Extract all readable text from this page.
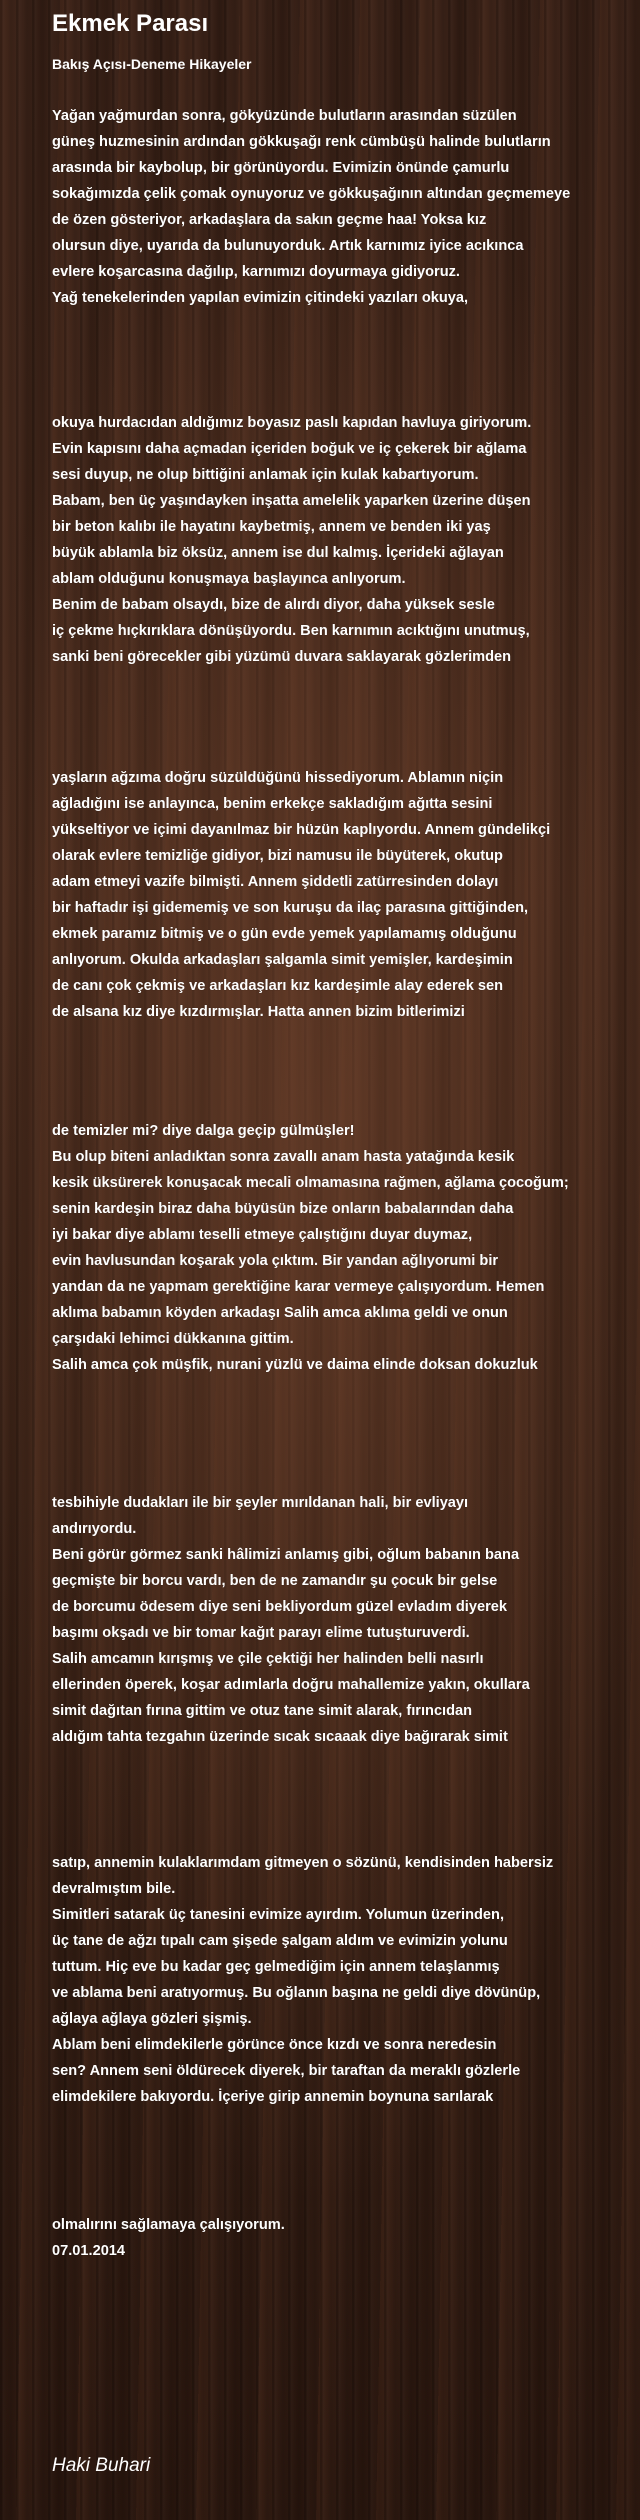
Ekmek Parası
Bakış Açısı-Deneme Hikayeler
Yağan yağmurdan sonra, gökyüzünde bulutların arasından süzülen
güneş huzmesinin ardından gökkuşağı renk cümbüşü halinde bulutların
arasında bir kaybolup, bir görünüyordu. Evimizin önünde çamurlu
sokağımızda çelik çomak oynuyoruz ve gökkuşağının altından geçmemeye
de özen gösteriyor, arkadaşlara da sakın geçme haa! Yoksa kız
olursun diye, uyarıda da bulunuyorduk. Artık karnımız iyice acıkınca
evlere koşarcasına dağılıp, karnımızı doyurmaya gidiyoruz.
Yağ tenekelerinden yapılan evimizin çitindeki yazıları okuya,
okuya hurdacıdan aldığımız boyasız paslı kapıdan havluya giriyorum.
Evin kapısını daha açmadan içeriden boğuk ve iç çekerek bir ağlama
sesi duyup, ne olup bittiğini anlamak için kulak kabartıyorum.
Babam, ben üç yaşındayken inşatta amelelik yaparken üzerine düşen
bir beton kalıbı ile hayatını kaybetmiş, annem ve benden iki yaş
büyük ablamla biz öksüz, annem ise dul kalmış. İçerideki ağlayan
ablam olduğunu konuşmaya başlayınca anlıyorum.
Benim de babam olsaydı, bize de alırdı diyor, daha yüksek sesle
iç çekme hıçkırıklara dönüşüyordu. Ben karnımın acıktığını unutmuş,
sanki beni görecekler gibi yüzümü duvara saklayarak gözlerimden
yaşların ağzıma doğru süzüldüğünü hissediyorum. Ablamın niçin
ağladığını ise anlayınca, benim erkekçe sakladığım ağıtta sesini
yükseltiyor ve içimi dayanılmaz bir hüzün kaplıyordu. Annem gündelikçi
olarak evlere temizliğe gidiyor, bizi namusu ile büyüterek, okutup
adam etmeyi vazife bilmişti. Annem şiddetli zatürresinden dolayı
bir haftadır işi gidememiş ve son kuruşu da ilaç parasına gittiğinden,
ekmek paramız bitmiş ve o gün evde yemek yapılamamış olduğunu
anlıyorum. Okulda arkadaşları şalgamla simit yemişler, kardeşimin
de canı çok çekmiş ve arkadaşları kız kardeşimle alay ederek sen
de alsana kız diye kızdırmışlar. Hatta annen bizim bitlerimizi
de temizler mi? diye dalga geçip gülmüşler!
Bu olup biteni anladıktan sonra zavallı anam hasta yatağında kesik
kesik üksürerek konuşacak mecali olmamasına rağmen, ağlama çocoğum;
senin kardeşin biraz daha büyüsün bize onların babalarından daha
iyi bakar diye ablamı teselli etmeye çalıştığını duyar duymaz,
evin havlusundan koşarak yola çıktım. Bir yandan ağlıyorumi bir
yandan da ne yapmam gerektiğine karar vermeye çalışıyordum. Hemen
aklıma babamın köyden arkadaşı Salih amca aklıma geldi ve onun
çarşıdaki lehimci dükkanına gittim.
Salih amca çok müşfik, nurani yüzlü ve daima elinde doksan dokuzluk
tesbihiyle dudakları ile bir şeyler mırıldanan hali, bir evliyayı
andırıyordu.
Beni görür görmez sanki hâlimizi anlamış gibi, oğlum babanın bana
geçmişte bir borcu vardı, ben de ne zamandır şu çocuk bir gelse
de borcumu ödesem diye seni bekliyordum güzel evladım diyerek
başımı okşadı ve bir tomar kağıt parayı elime tutuşturuverdi.
Salih amcamın kırışmış ve çile çektiği her halinden belli nasırlı
ellerinden öperek, koşar adımlarla doğru mahallemize yakın, okullara
simit dağıtan fırına gittim ve otuz tane simit alarak, fırıncıdan
aldığım tahta tezgahın üzerinde sıcak sıcaaak diye bağırarak simit
satıp, annemin kulaklarımdam gitmeyen o sözünü, kendisinden habersiz
devralmıştım bile.
Simitleri satarak üç tanesini evimize ayırdım. Yolumun üzerinden,
üç tane de ağzı tıpalı cam şişede şalgam aldım ve evimizin yolunu
tuttum. Hiç eve bu kadar geç gelmediğim için annem telaşlanmış
ve ablama beni aratıyormuş. Bu oğlanın başına ne geldi diye dövünüp,
ağlaya ağlaya gözleri şişmiş.
Ablam beni elimdekilerle görünce önce kızdı ve sonra neredesin
sen? Annem seni öldürecek diyerek, bir taraftan da meraklı gözlerle
elimdekilere bakıyordu. İçeriye girip annemin boynuna sarılarak
olmalırını sağlamaya çalışıyorum.
07.01.2014
Haki Buhari
